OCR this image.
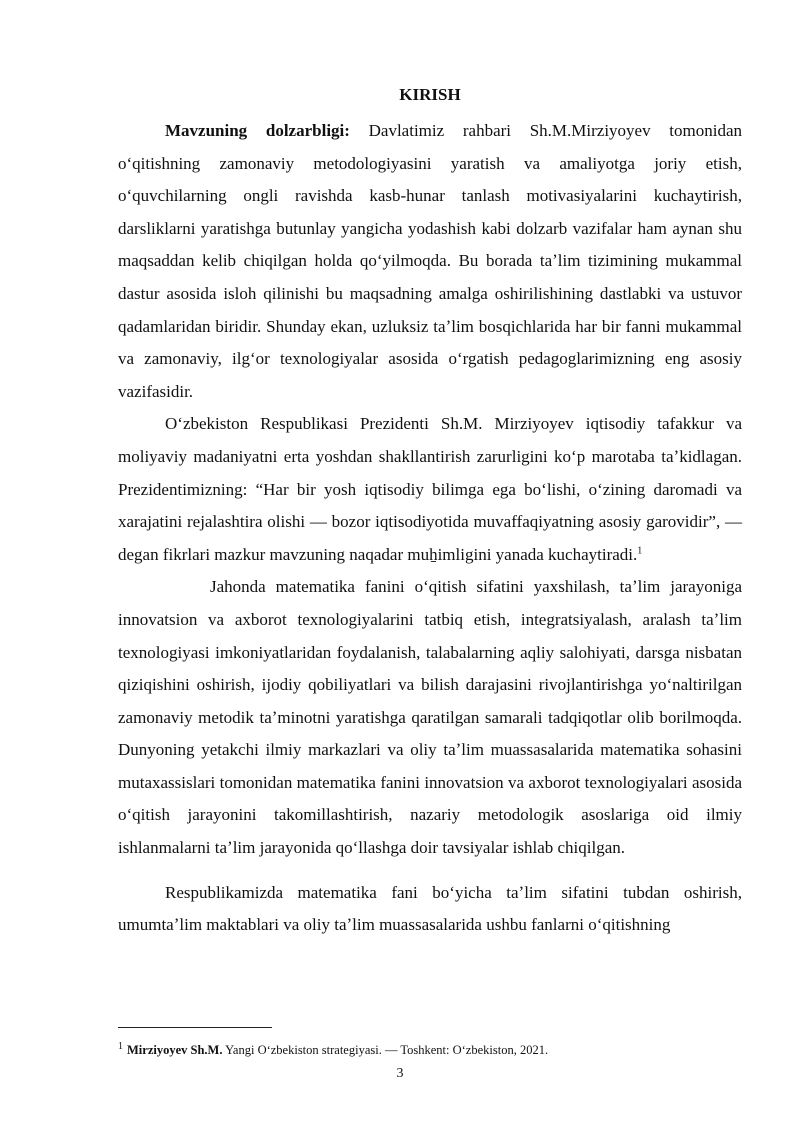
KIRISH

Mavzuning dolzarbligi: Davlatimiz rahbari Sh.M.Mirziyoyev tomonidan oʻqitishning zamonaviy metodologiyasini yaratish va amaliyotga joriy etish, oʻquvchilarning ongli ravishda kasb-hunar tanlash motivasiyalarini kuchaytirish, darsliklarni yaratishga butunlay yangicha yodashish kabi dolzarb vazifalar ham aynan shu maqsaddan kelib chiqilgan holda qoʻyilmoqda. Bu borada taʼlim tizimining mukammal dastur asosida isloh qilinishi bu maqsadning amalga oshirilishining dastlabki va ustuvor qadamlaridan biridir. Shunday ekan, uzluksiz taʼlim bosqichlarida har bir fanni mukammal va zamonaviy, ilgʻor texnologiyalar asosida oʻrgatish pedagoglarimizning eng asosiy vazifasidir.

Oʻzbekiston Respublikasi Prezidenti Sh.M. Mirziyoyev iqtisodiy tafakkur va moliyaviy madaniyatni erta yoshdan shakllantirish zarurligini koʻp marotaba taʼkidlagan. Prezidentimizning: “Har bir yosh iqtisodiy bilimga ega boʻlishi, oʻzining daromadi va xarajatini rejalashtira olishi — bozor iqtisodiyotida muvaffaqiyatning asosiy garovidir”, — degan fikrlari mazkur mavzuning naqadar muẖimligini yanada kuchaytiradi.$^1$

Jahonda matematika fanini oʻqitish sifatini yaxshilash, taʼlim jarayoniga innovatsion va axborot texnologiyalarini tatbiq etish, integratsiyalash, aralash taʼlim texnologiyasi imkoniyatlaridan foydalanish, talabalarning aqliy salohiyati, darsga nisbatan qiziqishini oshirish, ijodiy qobiliyatlari va bilish darajasini rivojlantirishga yoʻnaltirilgan zamonaviy metodik taʼminotni yaratishga qaratilgan samarali tadqiqotlar olib borilmoqda. Dunyoning yetakchi ilmiy markazlari va oliy taʼlim muassasalarida matematika sohasini mutaxassislari tomonidan matematika fanini innovatsion va axborot texnologiyalari asosida oʻqitish jarayonini takomillashtirish, nazariy metodologik asoslariga oid ilmiy ishlanmalarni taʼlim jarayonida qoʻllashga doir tavsiyalar ishlab chiqilgan.

Respublikamizda matematika fani boʻyicha taʼlim sifatini tubdan oshirish, umumtaʼlim maktablari va oliy taʼlim muassasalarida ushbu fanlarni oʻqitishning

$^1$ Mirziyoyev Sh.M. Yangi Oʻzbekiston strategiyasi. — Toshkent: Oʻzbekiston, 2021.
3
